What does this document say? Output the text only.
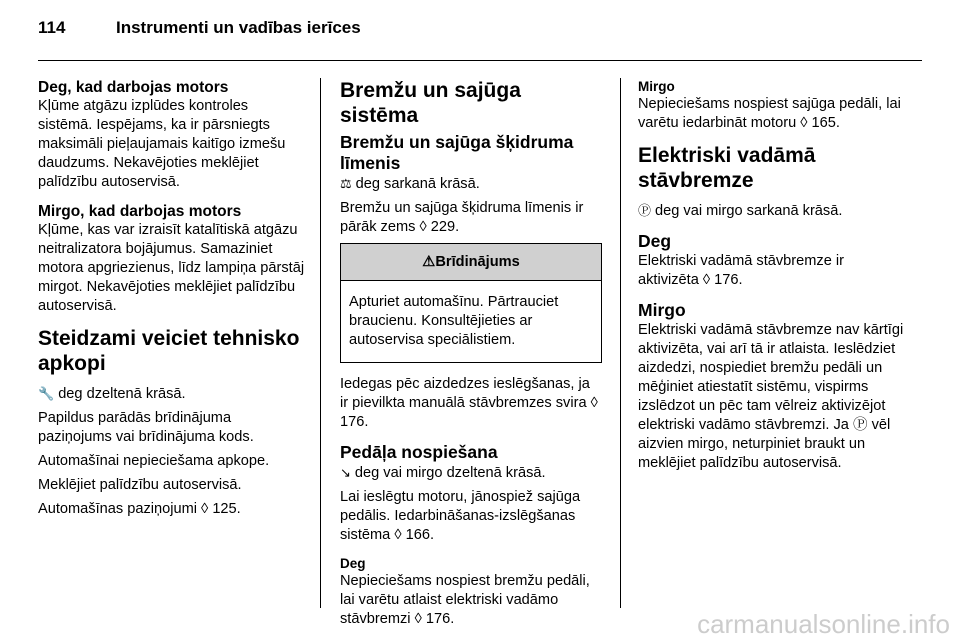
114	Instrumenti un vadības ierīces
Deg, kad darbojas motors

Kļūme atgāzu izplūdes kontroles sistēmā. Iespējams, ka ir pārsniegts maksimāli pieļaujamais kaitīgo izmešu daudzums. Nekavējoties meklējiet palīdzību autoservisā.

Mirgo, kad darbojas motors

Kļūme, kas var izraisīt katalītiskā atgāzu neitralizatora bojājumus. Samaziniet motora apgriezienus, līdz lampiņa pārstāj mirgot. Nekavējoties meklējiet palīdzību autoservisā.

Steidzami veiciet tehnisko apkopi

🔧 deg dzeltenā krāsā.

Papildus parādās brīdinājuma paziņojums vai brīdinājuma kods.

Automašīnai nepieciešama apkope.

Meklējiet palīdzību autoservisā.

Automašīnas paziņojumi ◊ 125.

Bremžu un sajūga sistēma
Bremžu un sajūga šķidruma līmenis

⚖ deg sarkanā krāsā.

Bremžu un sajūga šķidruma līmenis ir pārāk zems ◊ 229.

⚠Brīdinājums
Apturiet automašīnu. Pārtrauciet braucienu. Konsultējieties ar autoservisa speciālistiem.

Iedegas pēc aizdedzes ieslēgšanas, ja ir pievilkta manuālā stāvbremzes svira ◊ 176.

Pedāļa nospiešana

↘ deg vai mirgo dzeltenā krāsā.

Lai ieslēgtu motoru, jānospiež sajūga pedālis. Iedarbināšanas-izslēgšanas sistēma ◊ 166.

Deg

Nepieciešams nospiest bremžu pedāli, lai varētu atlaist elektriski vadāmo stāvbremzi ◊ 176.

Mirgo

Nepieciešams nospiest sajūga pedāli, lai varētu iedarbināt motoru ◊ 165.

Elektriski vadāmā stāvbremze

Ⓟ deg vai mirgo sarkanā krāsā.

Deg

Elektriski vadāmā stāvbremze ir aktivizēta ◊ 176.

Mirgo

Elektriski vadāmā stāvbremze nav kārtīgi aktivizēta, vai arī tā ir atlaista. Ieslēdziet aizdedzi, nospiediet bremžu pedāli un mēģiniet atiestatīt sistēmu, vispirms izslēdzot un pēc tam vēlreiz aktivizējot elektriski vadāmo stāvbremzi. Ja Ⓟ vēl aizvien mirgo, neturpiniet braukt un meklējiet palīdzību autoservisā.

carmanualsonline.info
